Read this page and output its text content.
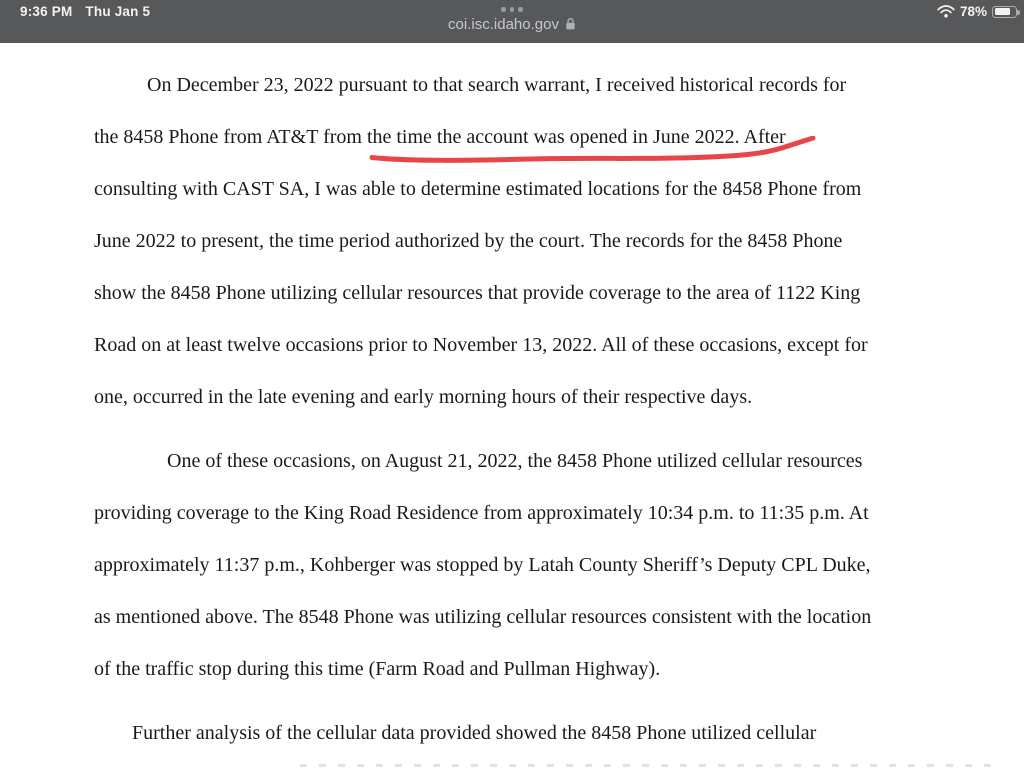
9:36 PM Thu Jan 5
coi.isc.idaho.gov
78%

On December 23, 2022 pursuant to that search warrant, I received historical records for
the 8458 Phone from AT&T from the time the account was opened in June 2022. After
consulting with CAST SA, I was able to determine estimated locations for the 8458 Phone from
June 2022 to present, the time period authorized by the court. The records for the 8458 Phone
show the 8458 Phone utilizing cellular resources that provide coverage to the area of 1122 King
Road on at least twelve occasions prior to November 13, 2022. All of these occasions, except for
one, occurred in the late evening and early morning hours of their respective days.

One of these occasions, on August 21, 2022, the 8458 Phone utilized cellular resources
providing coverage to the King Road Residence from approximately 10:34 p.m. to 11:35 p.m. At
approximately 11:37 p.m., Kohberger was stopped by Latah County Sheriff’s Deputy CPL Duke,
as mentioned above. The 8548 Phone was utilizing cellular resources consistent with the location
of the traffic stop during this time (Farm Road and Pullman Highway).

Further analysis of the cellular data provided showed the 8458 Phone utilized cellular
